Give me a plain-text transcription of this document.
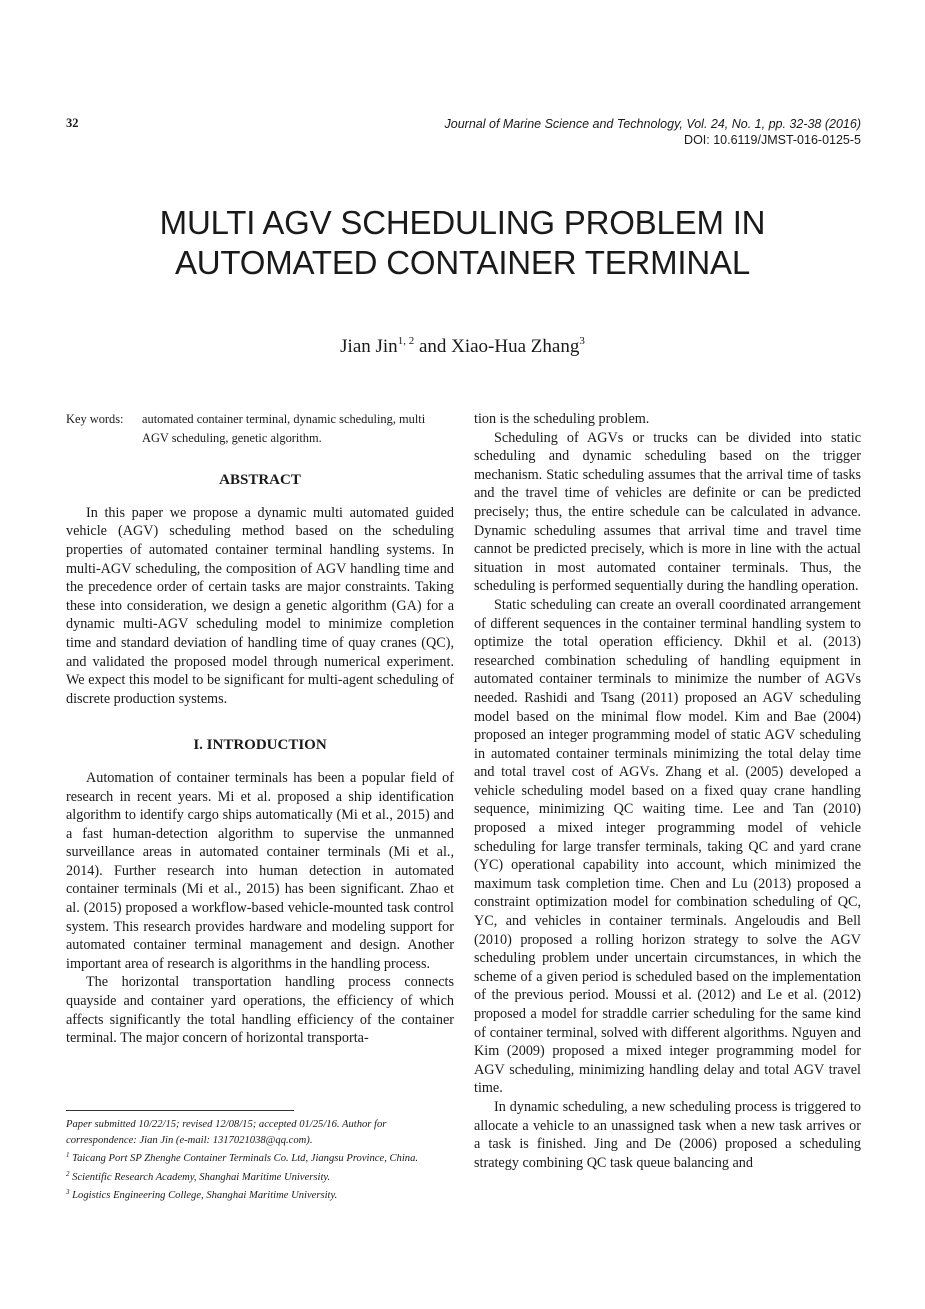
32	Journal of Marine Science and Technology, Vol. 24, No. 1, pp. 32-38 (2016)
DOI: 10.6119/JMST-016-0125-5
MULTI AGV SCHEDULING PROBLEM IN
AUTOMATED CONTAINER TERMINAL
Jian Jin$^{1, 2}$ and Xiao-Hua Zhang$^3$
Key words:	automated container terminal, dynamic scheduling, multi AGV scheduling, genetic algorithm.
ABSTRACT

In this paper we propose a dynamic multi automated guided vehicle (AGV) scheduling method based on the scheduling properties of automated container terminal handling systems. In multi-AGV scheduling, the composition of AGV handling time and the precedence order of certain tasks are major constraints. Taking these into consideration, we design a genetic algorithm (GA) for a dynamic multi-AGV scheduling model to minimize completion time and standard deviation of handling time of quay cranes (QC), and validated the proposed model through numerical experiment. We expect this model to be significant for multi-agent scheduling of discrete production systems.

I. INTRODUCTION

Automation of container terminals has been a popular field of research in recent years. Mi et al. proposed a ship identification algorithm to identify cargo ships automatically (Mi et al., 2015) and a fast human-detection algorithm to supervise the unmanned surveillance areas in automated container terminals (Mi et al., 2014). Further research into human detection in automated container terminals (Mi et al., 2015) has been significant. Zhao et al. (2015) proposed a workflow-based vehicle-mounted task control system. This research provides hardware and modeling support for automated container terminal management and design. Another important area of research is algorithms in the handling process.

The horizontal transportation handling process connects quayside and container yard operations, the efficiency of which affects significantly the total handling efficiency of the container terminal. The major concern of horizontal transporta-

tion is the scheduling problem.

Scheduling of AGVs or trucks can be divided into static scheduling and dynamic scheduling based on the trigger mechanism. Static scheduling assumes that the arrival time of tasks and the travel time of vehicles are definite or can be predicted precisely; thus, the entire schedule can be calculated in advance. Dynamic scheduling assumes that arrival time and travel time cannot be predicted precisely, which is more in line with the actual situation in most automated container terminals. Thus, the scheduling is performed sequentially during the handling operation.

Static scheduling can create an overall coordinated arrangement of different sequences in the container terminal handling system to optimize the total operation efficiency. Dkhil et al. (2013) researched combination scheduling of handling equipment in automated container terminals to minimize the number of AGVs needed. Rashidi and Tsang (2011) proposed an AGV scheduling model based on the minimal flow model. Kim and Bae (2004) proposed an integer programming model of static AGV scheduling in automated container terminals minimizing the total delay time and total travel cost of AGVs. Zhang et al. (2005) developed a vehicle scheduling model based on a fixed quay crane handling sequence, minimizing QC waiting time. Lee and Tan (2010) proposed a mixed integer programming model of vehicle scheduling for large transfer terminals, taking QC and yard crane (YC) operational capability into account, which minimized the maximum task completion time. Chen and Lu (2013) proposed a constraint optimization model for combination scheduling of QC, YC, and vehicles in container terminals. Angeloudis and Bell (2010) proposed a rolling horizon strategy to solve the AGV scheduling problem under uncertain circumstances, in which the scheme of a given period is scheduled based on the implementation of the previous period. Moussi et al. (2012) and Le et al. (2012) proposed a model for straddle carrier scheduling for the same kind of container terminal, solved with different algorithms. Nguyen and Kim (2009) proposed a mixed integer programming model for AGV scheduling, minimizing handling delay and total AGV travel time.

In dynamic scheduling, a new scheduling process is triggered to allocate a vehicle to an unassigned task when a new task arrives or a task is finished. Jing and De (2006) proposed a scheduling strategy combining QC task queue balancing and

Paper submitted 10/22/15; revised 12/08/15; accepted 01/25/16. Author for correspondence: Jian Jin (e-mail: 1317021038@qq.com).
$^1$ Taicang Port SP Zhenghe Container Terminals Co. Ltd, Jiangsu Province, China.
$^2$ Scientific Research Academy, Shanghai Maritime University.
$^3$ Logistics Engineering College, Shanghai Maritime University.
